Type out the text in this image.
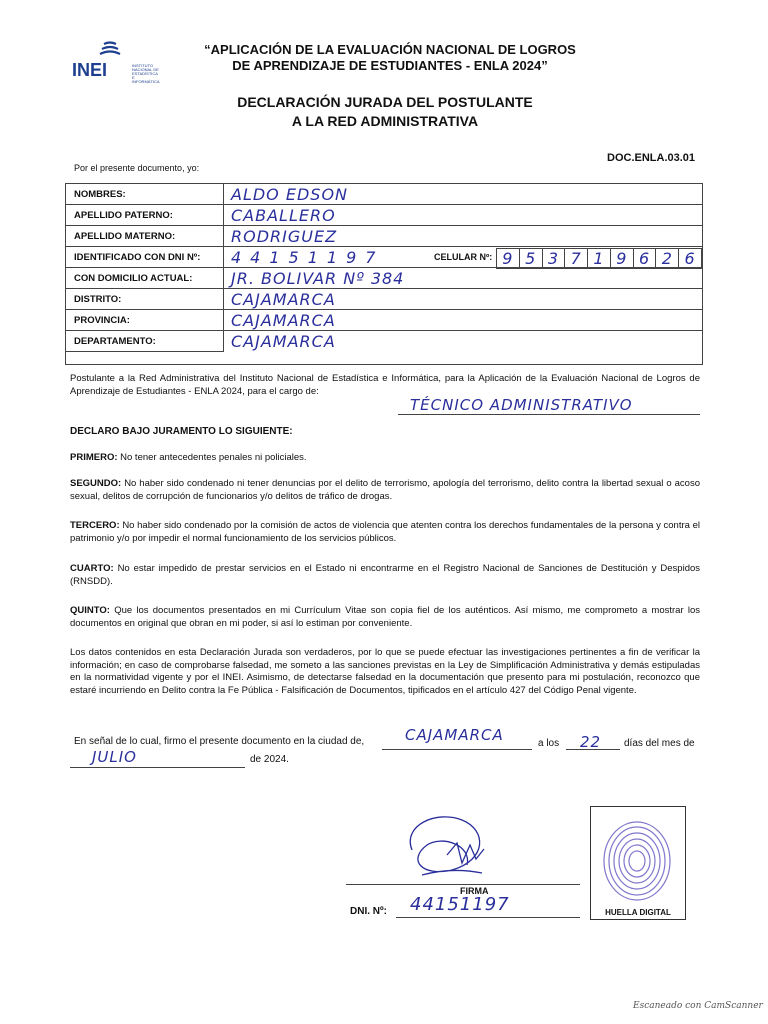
INEI	INSTITUTO NACIONAL DE ESTADÍSTICA E INFORMÁTICA
“APLICACIÓN DE LA EVALUACIÓN NACIONAL DE LOGROS
DE APRENDIZAJE DE ESTUDIANTES - ENLA 2024”
DECLARACIÓN JURADA DEL POSTULANTE
A LA RED ADMINISTRATIVA
DOC.ENLA.03.01
Por el presente documento, yo:
NOMBRES:	ALDO EDSON
APELLIDO PATERNO:	CABALLERO
APELLIDO MATERNO:	RODRIGUEZ
IDENTIFICADO CON DNI Nº:	44151197	CELULAR Nº: 9 5 3 7 1 9 6 2 6
CON DOMICILIO ACTUAL:	JR. BOLIVAR Nº 384
DISTRITO:	CAJAMARCA
PROVINCIA:	CAJAMARCA
DEPARTAMENTO:	CAJAMARCA
Postulante a la Red Administrativa del Instituto Nacional de Estadística e Informática, para la Aplicación de la Evaluación Nacional de Logros de Aprendizaje de Estudiantes - ENLA 2024, para el cargo de:
TÉCNICO ADMINISTRATIVO
DECLARO BAJO JURAMENTO LO SIGUIENTE:
PRIMERO: No tener antecedentes penales ni policiales.
SEGUNDO: No haber sido condenado ni tener denuncias por el delito de terrorismo, apología del terrorismo, delito contra la libertad sexual o acoso sexual, delitos de corrupción de funcionarios y/o delitos de tráfico de drogas.
TERCERO: No haber sido condenado por la comisión de actos de violencia que atenten contra los derechos fundamentales de la persona y contra el patrimonio y/o por impedir el normal funcionamiento de los servicios públicos.
CUARTO: No estar impedido de prestar servicios en el Estado ni encontrarme en el Registro Nacional de Sanciones de Destitución y Despidos (RNSDD).
QUINTO: Que los documentos presentados en mi Currículum Vitae son copia fiel de los auténticos. Así mismo, me comprometo a mostrar los documentos en original que obran en mi poder, si así lo estiman por conveniente.
Los datos contenidos en esta Declaración Jurada son verdaderos, por lo que se puede efectuar las investigaciones pertinentes a fin de verificar la información; en caso de comprobarse falsedad, me someto a las sanciones previstas en la Ley de Simplificación Administrativa y demás estipuladas en la normatividad vigente y por el INEI. Asimismo, de detectarse falsedad en la documentación que presento para mi postulación, reconozco que estaré incurriendo en Delito contra la Fe Pública - Falsificación de Documentos, tipificados en el artículo 427 del Código Penal vigente.
En señal de lo cual, firmo el presente documento en la ciudad de,	CAJAMARCA	a los 22 días del mes de
JULIO	de 2024.
FIRMA
DNI. Nº: 44151197	HUELLA DIGITAL
Escaneado con CamScanner
